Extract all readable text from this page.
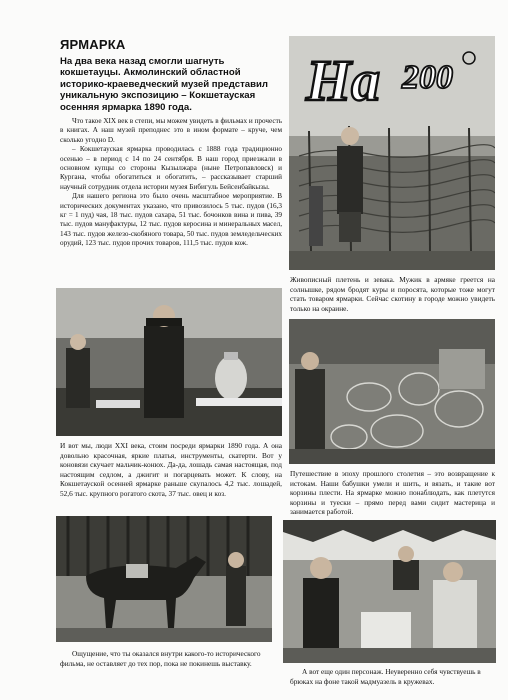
ЯРМАРКА

На два века назад смогли шагнуть кокшетауцы. Акмолинский областной историко-краеведческий музей представил уникальную экспозицию – Кокшетауская осенняя ярмарка 1890 года.

Что такое XIX век в степи, мы можем увидеть в фильмах и прочесть в книгах. А наш музей преподнес это в ином формате – круче, чем сколько угодно D.

– Кокшетауская ярмарка проводилась с 1888 года традиционно осенью – в период с 14 по 24 сентября. В наш город приезжали в основном купцы со стороны Кызылжара (ныне Петропавловск) и Кургана, чтобы обогатиться и обогатить, – рассказывает старший научный сотрудник отдела истории музея Бибигуль Бейсенбайкызы.

Для нашего региона это было очень масштабное мероприятие. В исторических документах указано, что привозилось 5 тыс. пудов (16,3 кг = 1 пуд) чая, 18 тыс. пудов сахара, 51 тыс. бочонков вина и пива, 39 тыс. пудов мануфактуры, 12 тыс. пудов керосина и минеральных масел, 143 тыс. пудов железо-скобяного товара, 50 тыс. пудов земледельческих орудий, 123 тыс. пудов прочих товаров, 111,5 тыс. пудов кож.

На 200
Живописный плетень и зевака. Мужик в армяке греется на солнышке, рядом бродят куры и поросята, которые тоже могут стать товаром ярмарки. Сейчас скотину в городе можно увидеть только на окраине.
И вот мы, люди XXI века, стоим посреди ярмарки 1890 года. А она довольно красочная, яркие платья, инструменты, скатерти. Вот у коновязи скучает мальчик-конюх. Да-да, лошадь самая настоящая, под настоящим седлом, а джигит и погарцевать может. К слову, на Кокшетауской осенней ярмарке раньше скупалось 4,2 тыс. лошадей, 52,6 тыс. крупного рогатого скота, 37 тыс. овец и коз.
Путешествие в эпоху прошлого столетия – это возвращение к истокам. Наши бабушки умели и шить, и вязать, и такие вот корзины плести. На ярмарке можно понаблюдать, как плетутся корзины и туески – прямо перед вами сидит мастерица и занимается работой.
Ощущение, что ты оказался внутри какого-то исторического фильма, не оставляет до тех пор, пока не покинешь выставку.
А вот еще один персонаж. Неуверенно себя чувствуешь в брюках на фоне такой мадмуазель в кружевах.
